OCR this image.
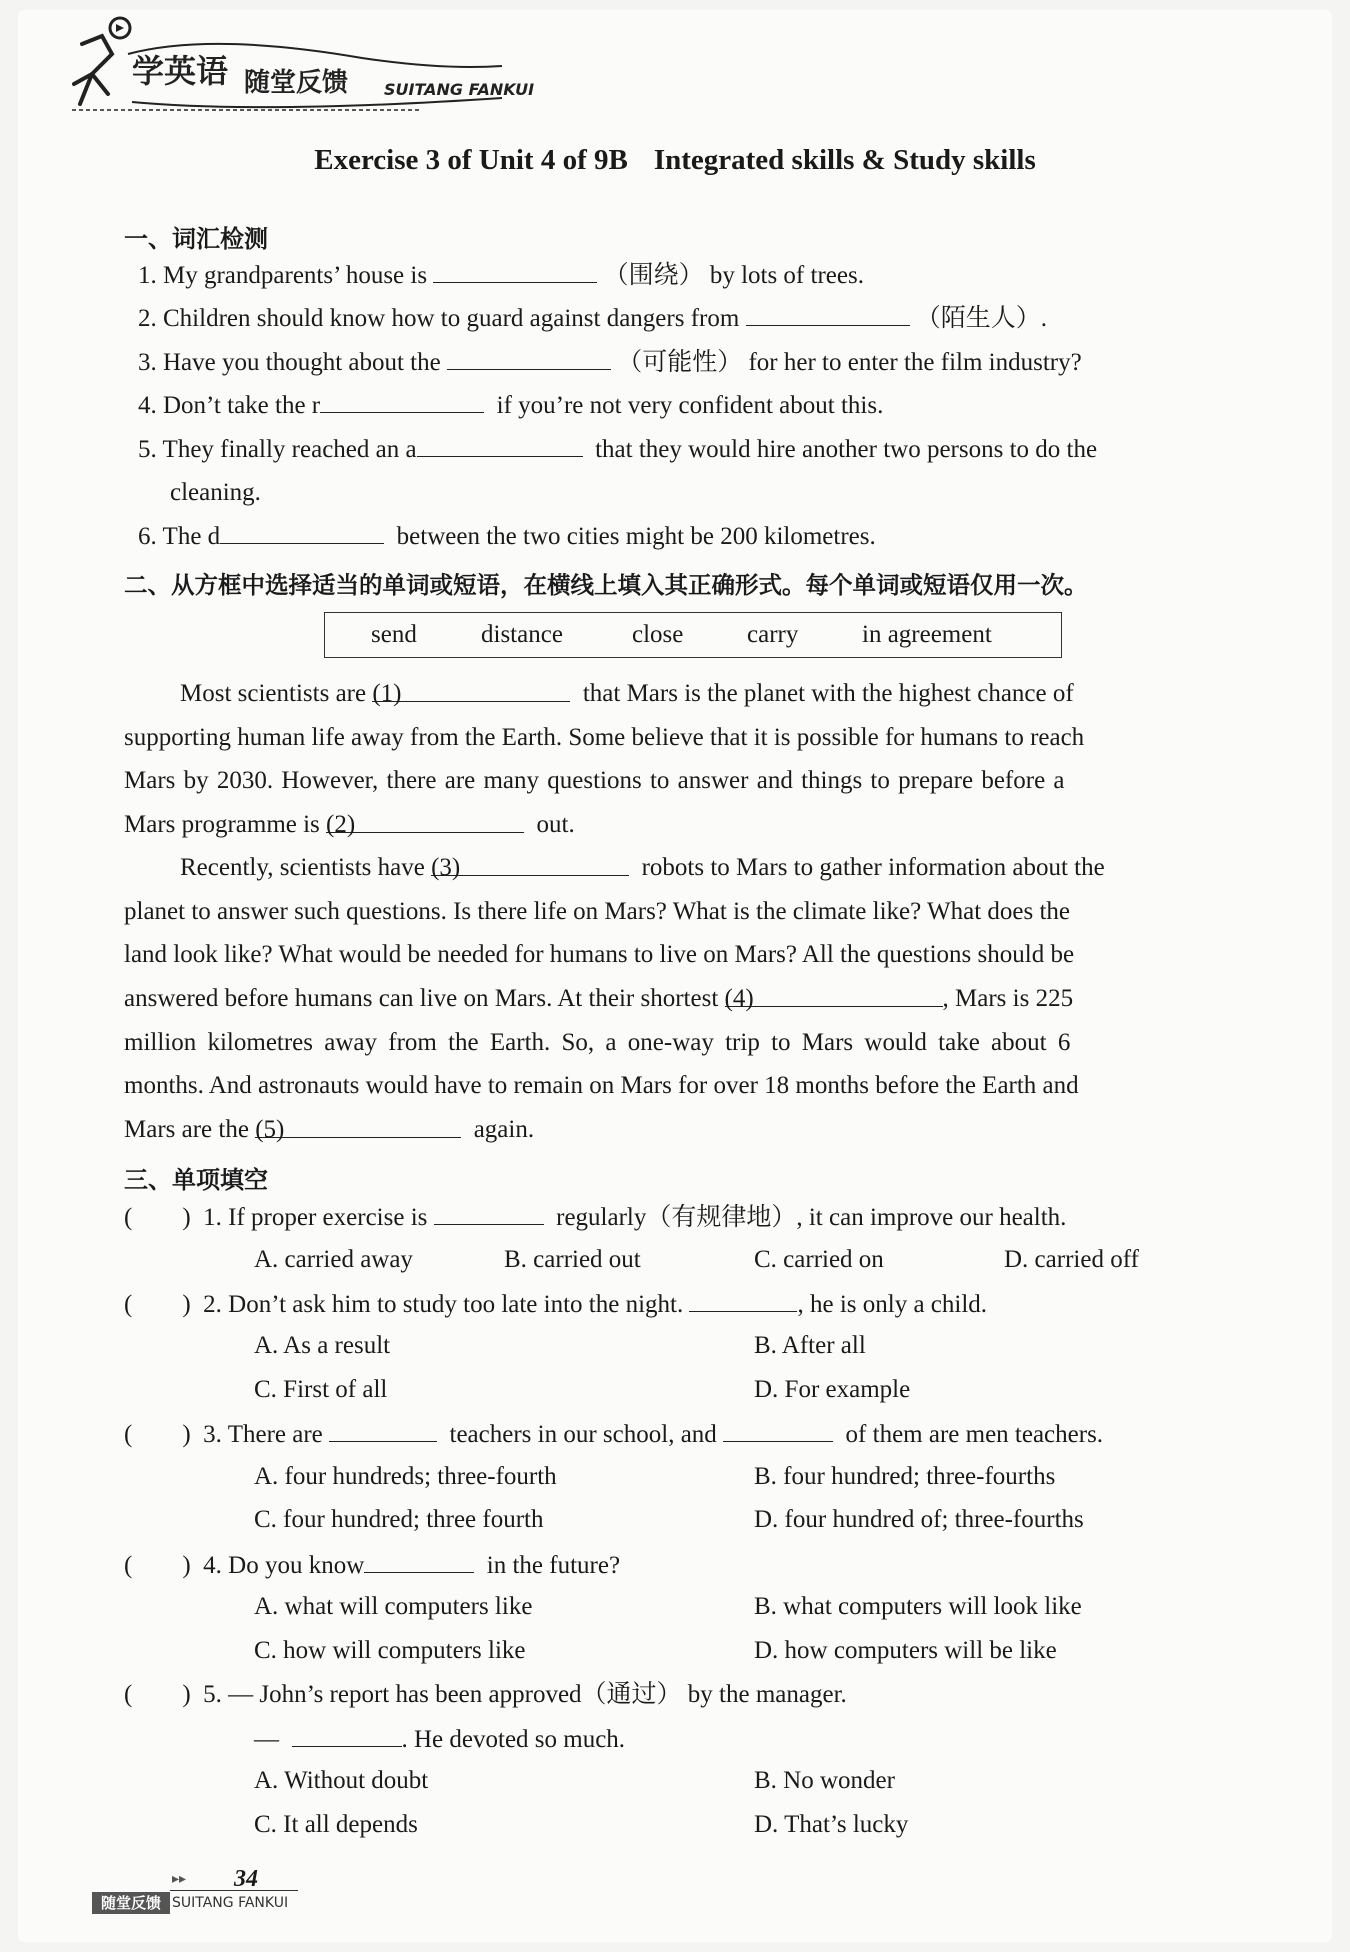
学英语 随堂反馈 SUITANG FANKUI
Exercise 3 of Unit 4 of 9B Integrated skills & Study skills
一、词汇检测
1. My grandparents’ house is	（围绕） by lots of trees.
2. Children should know how to guard against dangers from	（陌生人）.
3. Have you thought about the	（可能性） for her to enter the film industry?
4. Don’t take the r	if you’re not very confident about this.
5. They finally reached an a	that they would hire another two persons to do the
cleaning.
6. The d	between the two cities might be 200 kilometres.
二、从方框中选择适当的单词或短语，在横线上填入其正确形式。每个单词或短语仅用一次。
send	distance	close	carry	in agreement
Most scientists are (1)	that Mars is the planet with the highest chance of
supporting human life away from the Earth. Some believe that it is possible for humans to reach
Mars by 2030. However, there are many questions to answer and things to prepare before a
Mars programme is (2)	out.
Recently, scientists have (3)	robots to Mars to gather information about the
planet to answer such questions. Is there life on Mars? What is the climate like? What does the
land look like? What would be needed for humans to live on Mars? All the questions should be
answered before humans can live on Mars. At their shortest (4)	, Mars is 225
million kilometres away from the Earth. So, a one-way trip to Mars would take about 6
months. And astronauts would have to remain on Mars for over 18 months before the Earth and
Mars are the (5)	again.
三、单项填空
(　　) 1. If proper exercise is	regularly（有规律地）, it can improve our health.
A. carried away	B. carried out	C. carried on	D. carried off
(　　) 2. Don’t ask him to study too late into the night.	, he is only a child.
A. As a result	B. After all
C. First of all	D. For example
(　　) 3. There are	teachers in our school, and	of them are men teachers.
A. four hundreds; three-fourth	B. four hundred; three-fourths
C. four hundred; three fourth	D. four hundred of; three-fourths
(　　) 4. Do you know	in the future?
A. what will computers like	B. what computers will look like
C. how will computers like	D. how computers will be like
(　　) 5. — John’s report has been approved（通过） by the manager.
—	. He devoted so much.
A. Without doubt	B. No wonder
C. It all depends	D. That’s lucky
▸▸ 34
随堂反馈 SUITANG FANKUI
